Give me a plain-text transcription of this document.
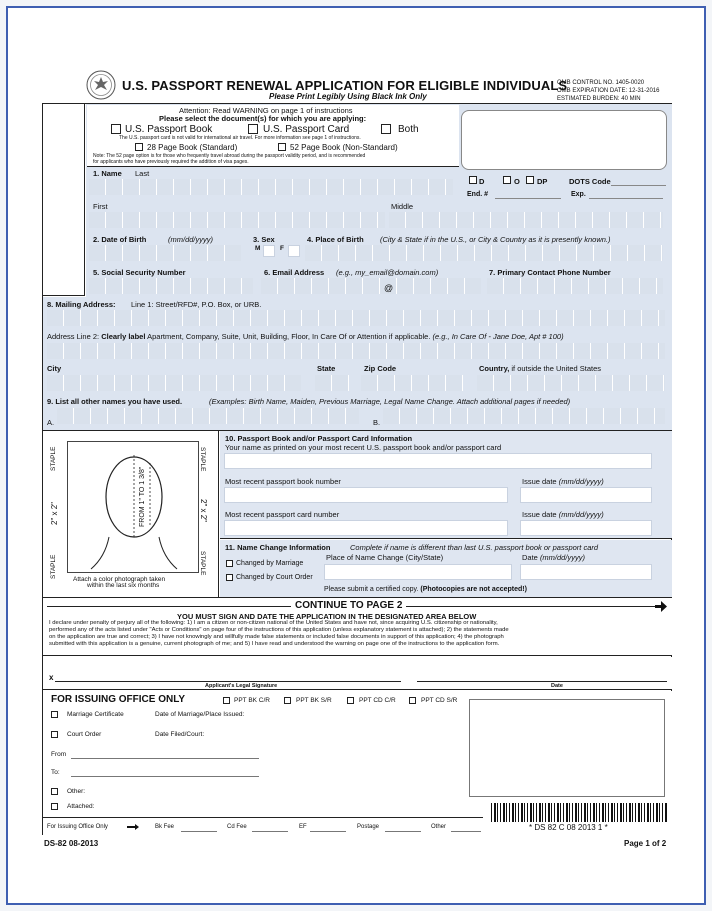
U.S. PASSPORT RENEWAL APPLICATION FOR ELIGIBLE INDIVIDUALS
Please Print Legibly Using Black Ink Only
OMB CONTROL NO. 1405-0020
OMB EXPIRATION DATE: 12-31-2016
ESTIMATED BURDEN: 40 MIN
Attention: Read WARNING on page 1 of instructions
Please select the document(s) for which you are applying:
U.S. Passport Book	U.S. Passport Card	Both
The U.S. passport card is not valid for international air travel. For more information see page 1 of instructions.
28 Page Book (Standard)	52 Page Book (Non-Standard)
Note: The 52 page option is for those who frequently travel abroad during the passport validity period, and is recommended
for applicants who have previously required the addition of visa pages.
D	O DP	DOTS Code
End. #	Exp.
1. Name Last
First	Middle
2. Date of Birth	(mm/dd/yyyy)	3. Sex
M	F
4. Place of Birth (City & State if in the U.S., or City & Country as it is presently known.)
5. Social Security Number	6. Email Address (e.g., my_email@domain.com)
@
7. Primary Contact Phone Number
8. Mailing Address: Line 1: Street/RFD#, P.O. Box, or URB.
Address Line 2: Clearly label Apartment, Company, Suite, Unit, Building, Floor, In Care Of or Attention if applicable. (e.g., In Care Of - Jane Doe, Apt # 100)
City	State	Zip Code	Country, if outside the United States
9. List all other names you have used.	(Examples: Birth Name, Maiden, Previous Marriage, Legal Name Change. Attach additional pages if needed)
A.	B.
STAPLE	STAPLE
STAPLE	STAPLE
2" x 2"	2" x 2"
FROM 1" TO 1 3/8"
Attach a color photograph taken
within the last six months
10. Passport Book and/or Passport Card Information
Your name as printed on your most recent U.S. passport book and/or passport card
Most recent passport book number	Issue date (mm/dd/yyyy)
Most recent passport card number	Issue date (mm/dd/yyyy)
11. Name Change Information	Complete if name is different than last U.S. passport book or passport card
Place of Name Change (City/State)	Date (mm/dd/yyyy)
Changed by Marriage
Changed by Court Order
Please submit a certified copy. (Photocopies are not accepted!)
CONTINUE TO PAGE 2
YOU MUST SIGN AND DATE THE APPLICATION IN THE DESIGNATED AREA BELOW
I declare under penalty of perjury all of the following: 1) I am a citizen or non-citizen national of the United States and have not, since acquiring U.S. citizenship or nationality,
performed any of the acts listed under "Acts or Conditions" on page four of the instructions of this application (unless explanatory statement is attached); 2) the statements made
on the application are true and correct; 3) I have not knowingly and willfully made false statements or included false documents in support of this application; 4) the photograph
submitted with this application is a genuine, current photograph of me; and 5) I have read and understood the warning on page one of the instructions to the application form.
x
Applicant's Legal Signature	Date
FOR ISSUING OFFICE ONLY	PPT BK C/R	PPT BK S/R	PPT CD C/R	PPT CD S/R
Marriage Certificate	Date of Marriage/Place Issued:
Court Order	Date Filed/Court:
From
To:
Other:
Attached:
For Issuing Office Only	Bk Fee	Cd Fee	EF	Postage	Other	* DS 82 C 08 2013 1 *
DS-82 08-2013	Page 1 of 2
